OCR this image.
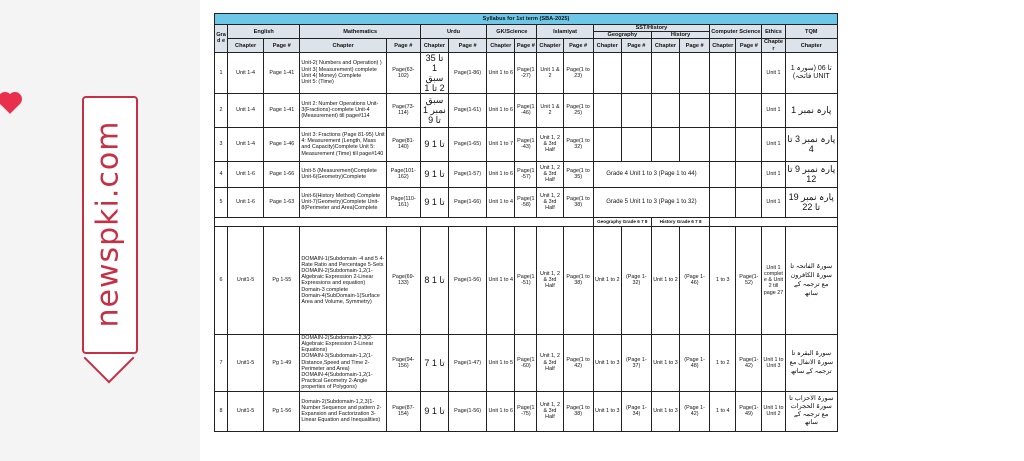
newspki.com
Syllabus for 1st term (SBA-2025)																		
Grad e	English		Mathematics		Urdu		GK/Science		Islamiyat		SST/History				Computer Science		Ethics	TQM
											Geography		History					
	Chapter	Page #	Chapter	Page #	Chapter	Page #	Chapter	Page #	Chapter	Page #	Chapter	Page #	Chapter	Page #	Chapter	Page #	Chapter	Chapter
1	Unit 1-4	Page 1-41	Unit-2( Numbers and Operation) )
Unit 3( Measurement) complete
Unit 4( Money) Complete
Unit 5: (Time)	Page(63-102)	35 تا 1 سبق 2 تا 1	Page(1-86)	Unit 1 to 6	Page(1-27)	Unit 1 & 2	Page(1 to 23)							Unit 1	1 تا 06 (سورہ فاتحہ) UNIT
2	Unit 1-4	Page 1-41	Unit 2: Number Operations Unit-3(Fractions)-complete Unit-4 (Measurement) till page#114	Page(73-114)	سبق نمبر 1 تا 9	Page(1-61)	Unit 1 to 6	Page(1-46)	Unit 1 & 2	Page(1 to 25)							Unit 1	پارہ نمبر 1
3	Unit 1-4	Page 1-46	Unit 3: Fractions (Page 81-95) Unit 4: Measurement (Length, Mass and Capacity)Complete Unit 5: Measurement (Time) till page#140	Page(81-140)	9 تا 1	Page(1-65)	Unit 1 to 7	Page(1-43)	Unit 1, 2 & 3rd Half	Page(1 to 32)							Unit 1	پارہ نمبر 3 تا 4
4	Unit 1-6	Page 1-66	Unit-5 (Measurement)Complete Unit-6(Geometry)Complete	Page(101-162)	9 تا 1	Page(1-57)	Unit 1 to 6	Page(1-57)	Unit 1, 2 & 3rd Half	Page(1 to 35)	Grade 4 Unit 1 to 3 (Page 1 to 44)						Unit 1	پارہ نمبر 9 تا 12
5	Unit 1-6	Page 1-63	Unit-6(History Method) Complete Unit-7(Geometry)Complete Unit-8(Perimeter and Area)Complete	Page(110-161)	9 تا 1	Page(1-66)	Unit 1 to 4	Page(1-58)	Unit 1, 2 & 3rd Half	Page(1 to 38)	Grade 5 Unit 1 to 3 (Page 1 to 32)						Unit 1	پارہ نمبر 19 تا 22
											Geography Grade 6 7 8		History Grade 6 7 8					
6	Unit1-5	Pg 1-55	DOMAIN-1(Subdomain -4 and 5 4-Rate Ratio and Percentage 5-Sets
DOMAIN-2(Subdomain-1,2(1-Algebraic Expression 2-Linear Expressions and equation) Domain-3 complete
Domain-4(SubDomain-1(Surface Area and Volume, Symmetry)	Page(69-133)	8 تا 1	Page(1-56)	Unit 1 to 4	Page(1-51)	Unit 1, 2 & 3rd Half	Page(1 to 38)	Unit 1 to 2	(Page 1-32)	Unit 1 to 2	(Page 1-46)	1 to 3	Page(1-52)	Unit 1 complete & Unit 2 till page 27	سورۃ الفاتحہ تا سورۃ الکافرون مع ترجمہ کے ساتھ
7	Unit1-5	Pg 1-49	DOMAIN-2(Subdomain-2,3(2-Algebraic Expression 3-Linear Equations)
DOMAIN-3(Subdomain-1,2(1-Distance,Speed and Time 2-Perimeter and Area)
DOMAIN-4(Subdomain-1,2(1-Practical Geometry 2-Angle properties of Polygons)	Page(94-156)	7 تا 1	Page(1-47)	Unit 1 to 5	Page(1-60)	Unit 1, 2 & 3rd Half	Page(1 to 42)	Unit 1 to 3	(Page 1-37)	Unit 1 to 3	(Page 1-48)	1 to 2	Page(1-42)	Unit 1 to Unit 3	سورۃ البقرہ تا سورۃ الانفال مع ترجمہ کے ساتھ
8	Unit1-5	Pg 1-56	Domain-2(Subdomain-1,2,3(1-Number Sequence and pattern 2-Expansion and Factorization 3-Linear Equation and Inequalities)	Page(87-154)	9 تا 1	Page(1-56)	Unit 1 to 6	Page(1-75)	Unit 1, 2 & 3rd Half	Page(1 to 38)	Unit 1 to 3	(Page 1-34)	Unit 1 to 3	(Page 1-42)	1 to 4	Page(1-49)	Unit 1 to Unit 2	سورۃ الاحزاب تا سورۃ الحجرات مع ترجمہ کے ساتھ
